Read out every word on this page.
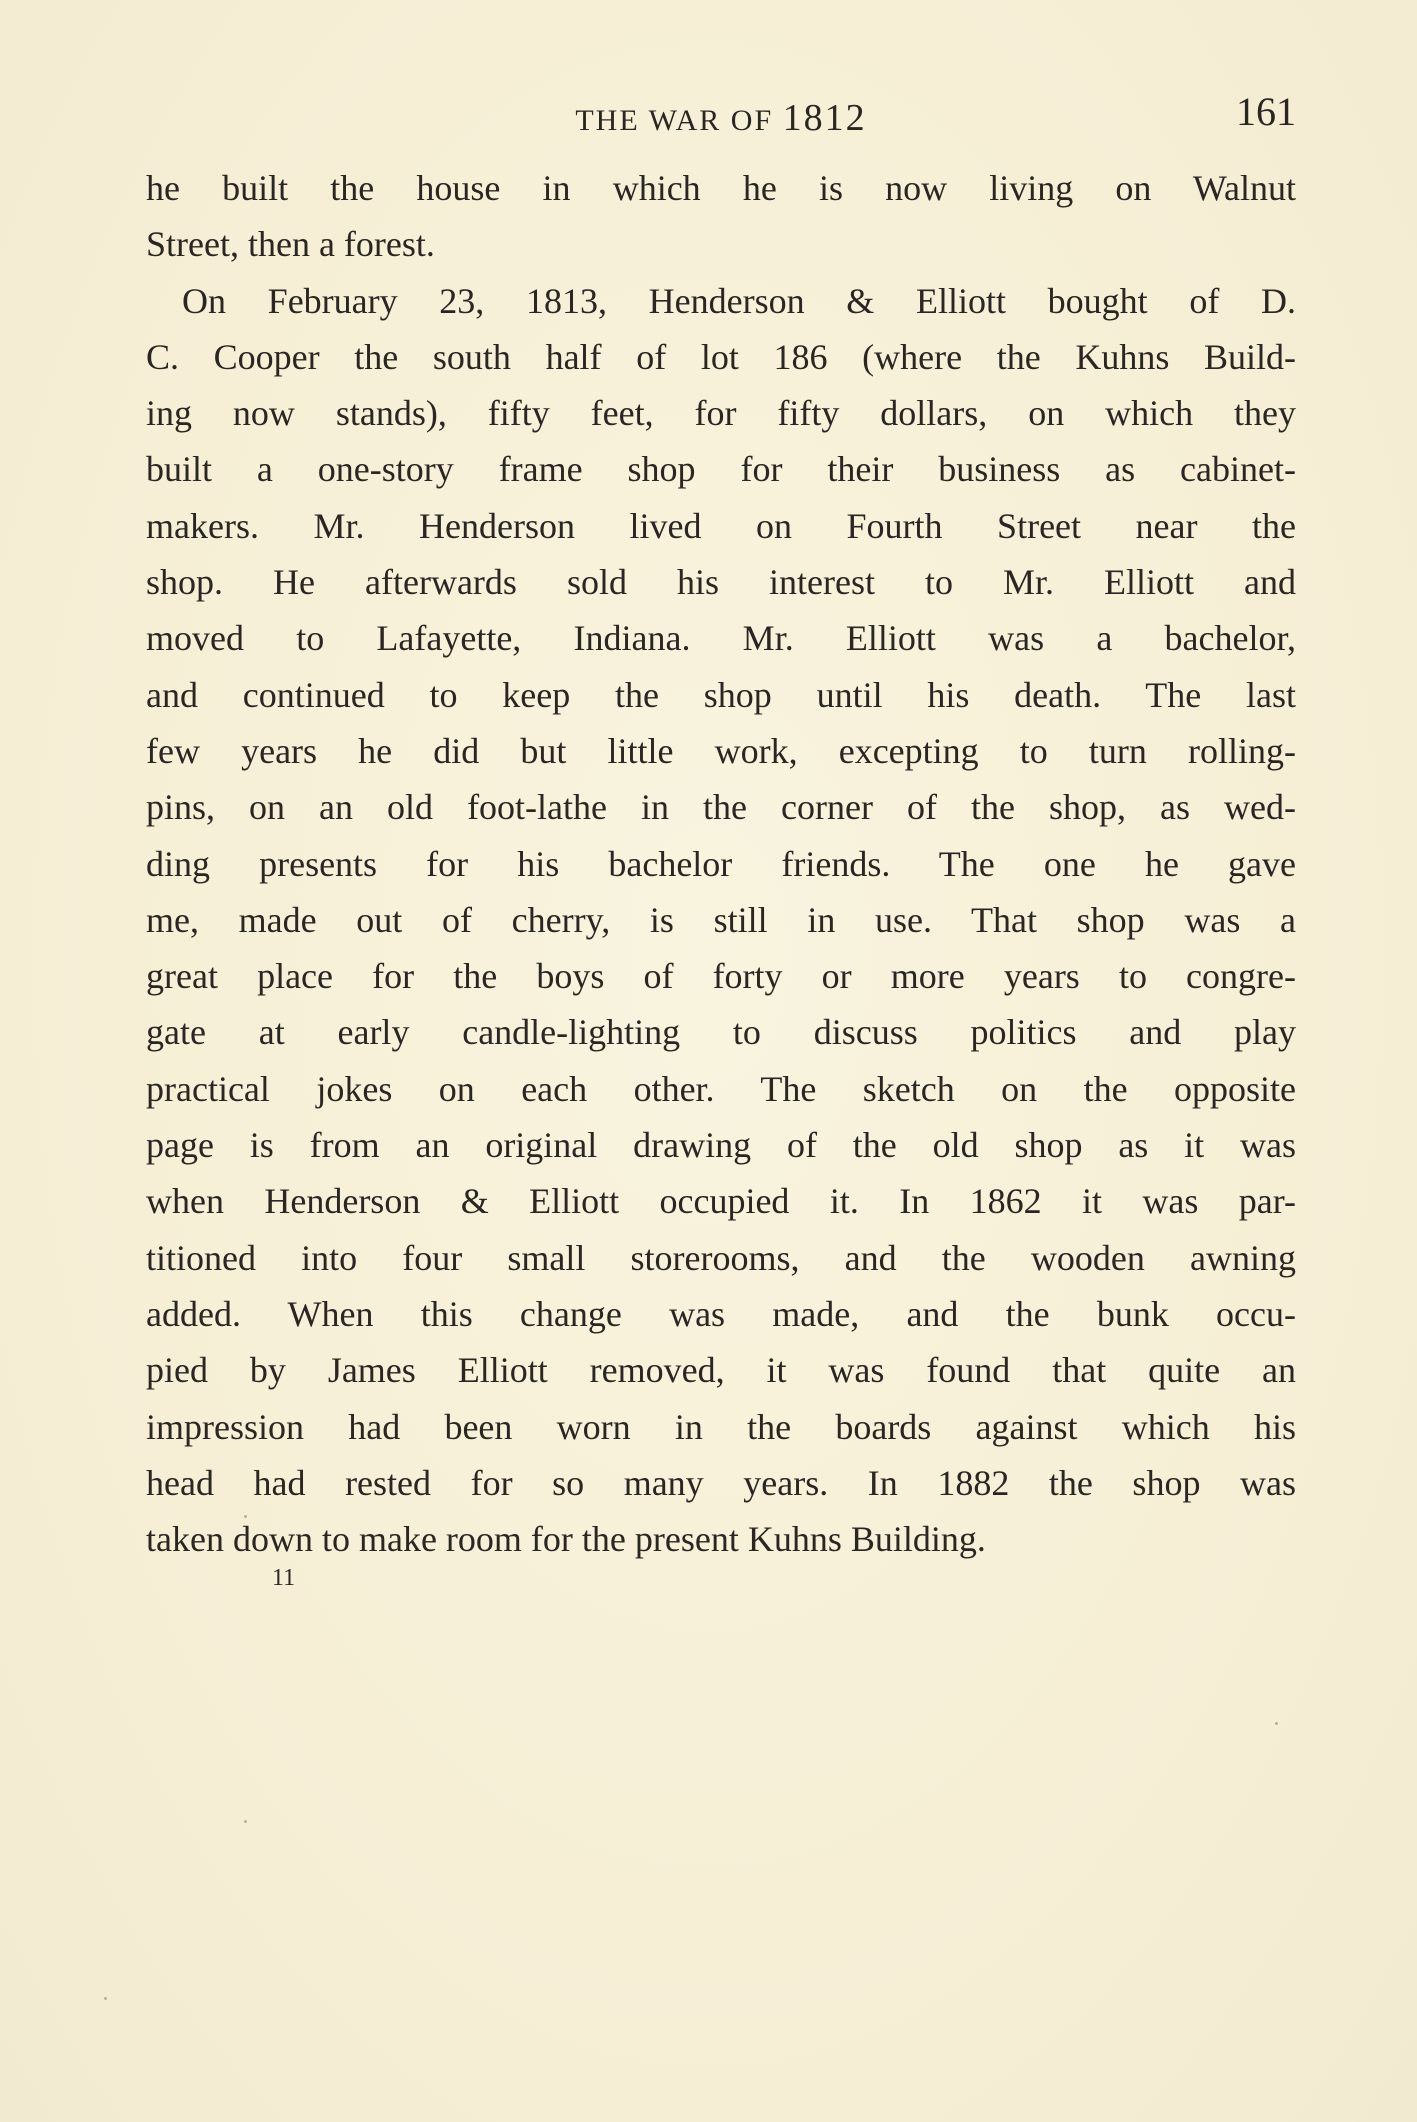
THE WAR OF 1812	161
he built the house in which he is now living on Walnut
Street, then a forest.
On February 23, 1813, Henderson & Elliott bought of D.
C. Cooper the south half of lot 186 (where the Kuhns Build-
ing now stands), fifty feet, for fifty dollars, on which they
built a one-story frame shop for their business as cabinet-
makers. Mr. Henderson lived on Fourth Street near the
shop. He afterwards sold his interest to Mr. Elliott and
moved to Lafayette, Indiana. Mr. Elliott was a bachelor,
and continued to keep the shop until his death. The last
few years he did but little work, excepting to turn rolling-
pins, on an old foot-lathe in the corner of the shop, as wed-
ding presents for his bachelor friends. The one he gave
me, made out of cherry, is still in use. That shop was a
great place for the boys of forty or more years to congre-
gate at early candle-lighting to discuss politics and play
practical jokes on each other. The sketch on the opposite
page is from an original drawing of the old shop as it was
when Henderson & Elliott occupied it. In 1862 it was par-
titioned into four small storerooms, and the wooden awning
added. When this change was made, and the bunk occu-
pied by James Elliott removed, it was found that quite an
impression had been worn in the boards against which his
head had rested for so many years. In 1882 the shop was
taken down to make room for the present Kuhns Building.
11
